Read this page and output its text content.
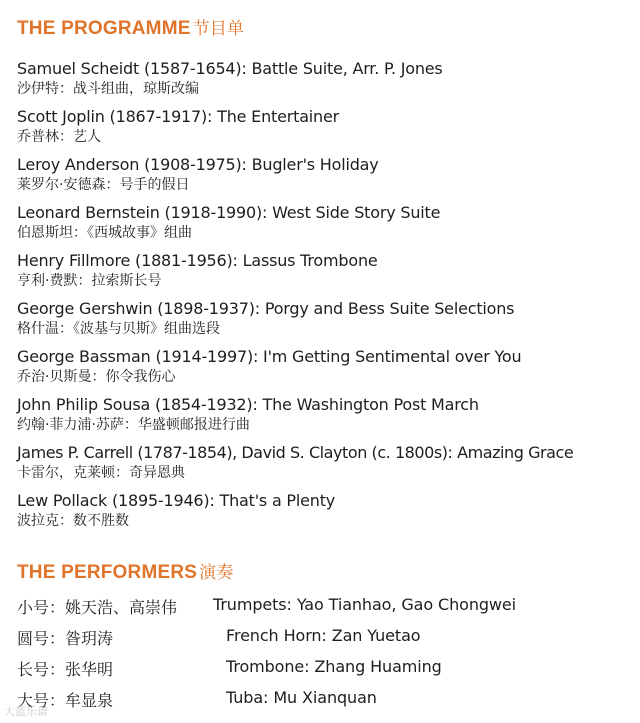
THE PROGRAMME 节目单
Samuel Scheidt (1587-1654): Battle Suite, Arr. P. Jones
沙伊特：战斗组曲，琼斯改编
Scott Joplin (1867-1917): The Entertainer
乔普林：艺人
Leroy Anderson (1908-1975): Bugler's Holiday
莱罗尔·安德森：号手的假日
Leonard Bernstein (1918-1990): West Side Story Suite
伯恩斯坦：《西城故事》组曲
Henry Fillmore (1881-1956): Lassus Trombone
亨利·费默：拉索斯长号
George Gershwin (1898-1937): Porgy and Bess Suite Selections
格什温：《波基与贝斯》组曲选段
George Bassman (1914-1997): I'm Getting Sentimental over You
乔治·贝斯曼：你令我伤心
John Philip Sousa (1854-1932): The Washington Post March
约翰·菲力浦·苏萨：华盛顿邮报进行曲
James P. Carrell (1787-1854), David S. Clayton (c. 1800s): Amazing Grace
卡雷尔，克莱顿：奇异恩典
Lew Pollack (1895-1946): That's a Plenty
波拉克：数不胜数
THE PERFORMERS 演奏
小号：姚天浩、高崇伟 Trumpets: Yao Tianhao, Gao Chongwei
圆号：昝玥涛	French Horn: Zan Yuetao
长号：张华明	Trombone: Zhang Huaming
大号：牟显泉	Tuba: Mu Xianquan
大蓝乐谱
